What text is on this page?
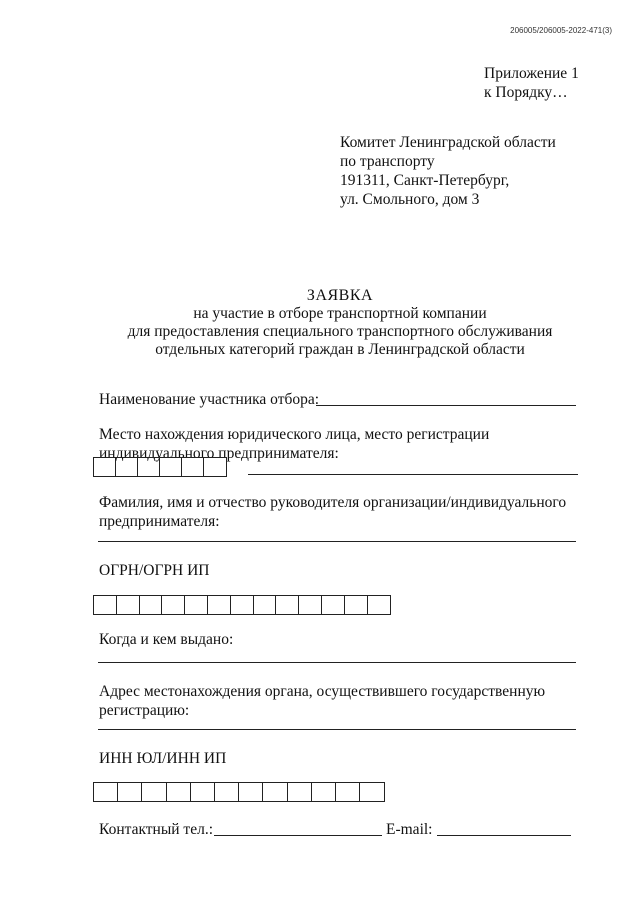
206005/206005-2022-471(3)
Приложение 1
к Порядку…
Комитет Ленинградской области
по транспорту
191311, Санкт-Петербург,
ул. Смольного, дом 3
ЗАЯВКА
на участие в отборе транспортной компании
для предоставления специального транспортного обслуживания
отдельных категорий граждан в Ленинградской области
Наименование участника отбора:
Место нахождения юридического лица, место регистрации
индивидуального предпринимателя:
Фамилия, имя и отчество руководителя организации/индивидуального
предпринимателя:
ОГРН/ОГРН ИП
Когда и кем выдано:
Адрес местонахождения органа, осуществившего государственную
регистрацию:
ИНН ЮЛ/ИНН ИП
Контактный тел.:	E-mail:
